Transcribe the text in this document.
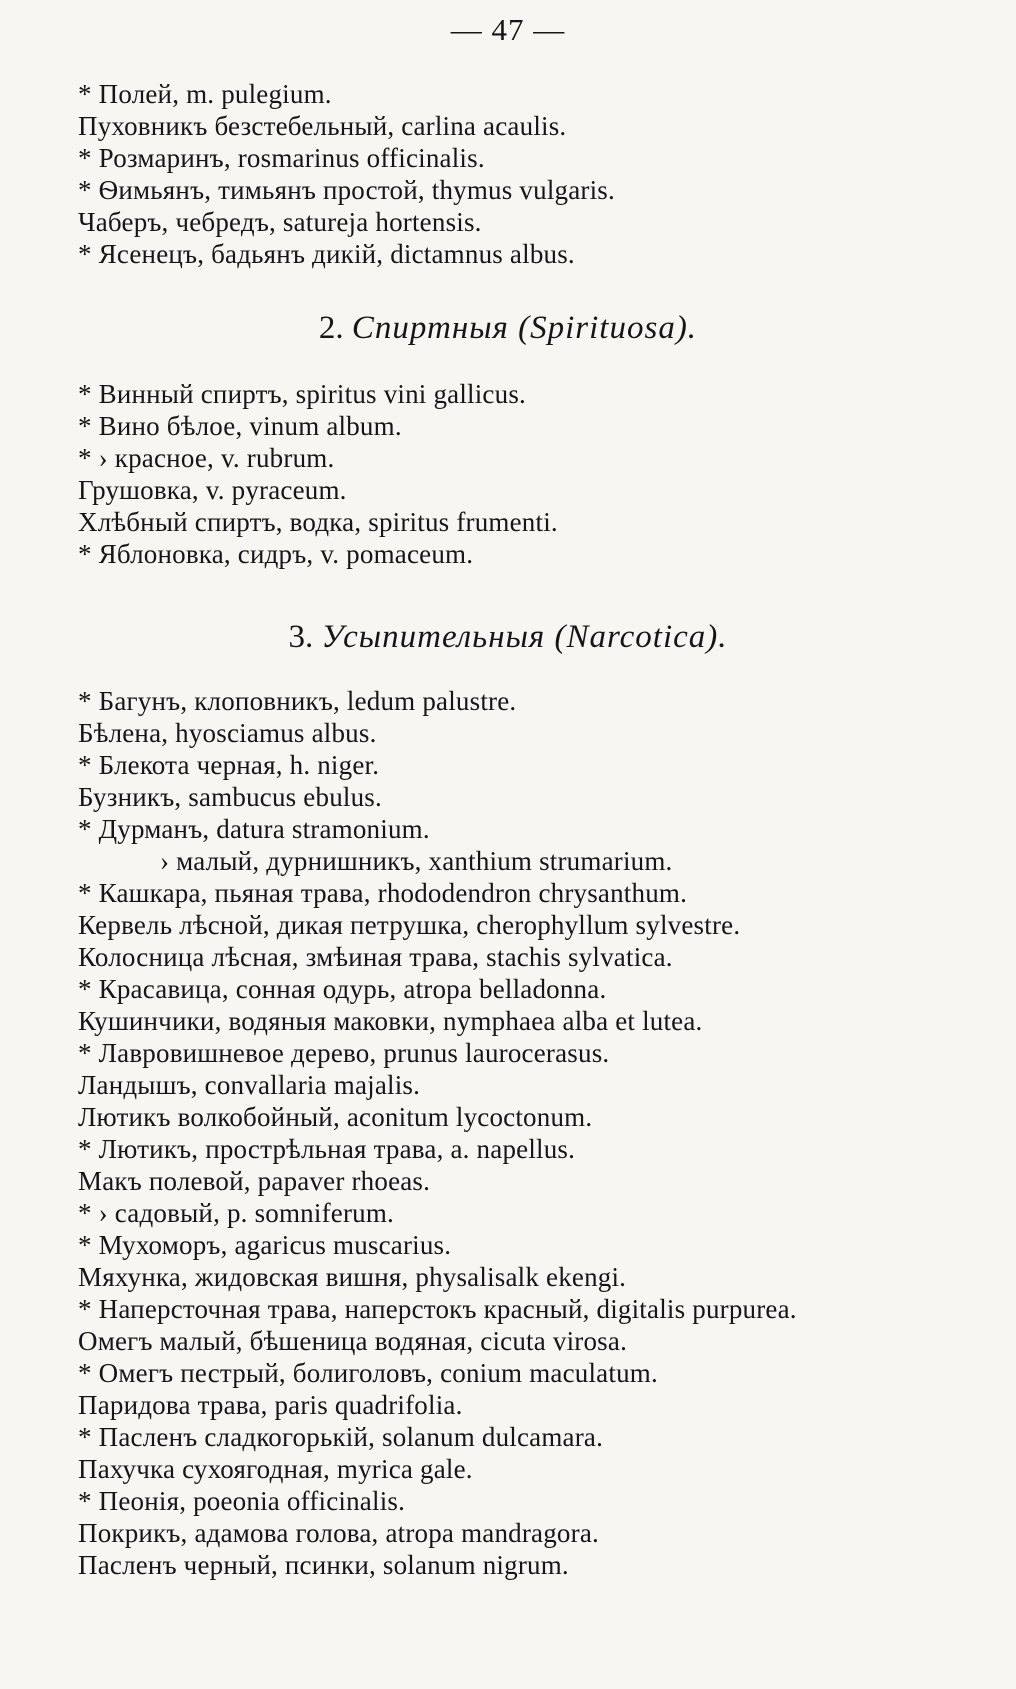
— 47 —
* Полей, m. pulegium.
Пуховникъ безстебельный, carlina acaulis.
* Розмаринъ, rosmarinus officinalis.
* Ѳимьянъ, тимьянъ простой, thymus vulgaris.
Чаберъ, чебредъ, satureja hortensis.
* Ясенецъ, бадьянъ дикій, dictamnus albus.
2. Спиртныя (Spirituosa).
* Винный спиртъ, spiritus vini gallicus.
* Вино бѣлое, vinum album.
* › красное, v. rubrum.
Грушовка, v. pyraceum.
Хлѣбный спиртъ, водка, spiritus frumenti.
* Яблоновка, сидръ, v. pomaceum.
3. Усыпительныя (Narcotica).
* Багунъ, клоповникъ, ledum palustre.
Бѣлена, hyosciamus albus.
* Блекота черная, h. niger.
Бузникъ, sambucus ebulus.
* Дурманъ, datura stramonium.
› малый, дурнишникъ, xanthium strumarium.
* Кашкара, пьяная трава, rhododendron chrysanthum.
Кервель лѣсной, дикая петрушка, cherophyllum sylvestre.
Колосница лѣсная, змѣиная трава, stachis sylvatica.
* Красавица, сонная одурь, atropa belladonna.
Кушинчики, водяныя маковки, nymphaea alba et lutea.
* Лавровишневое дерево, prunus laurocerasus.
Ландышъ, convallaria majalis.
Лютикъ волкобойный, aconitum lycoctonum.
* Лютикъ, прострѣльная трава, a. napellus.
Макъ полевой, papaver rhoeas.
* › садовый, p. somniferum.
* Мухоморъ, agaricus muscarius.
Мяхунка, жидовская вишня, physalisalk ekengi.
* Наперсточная трава, наперстокъ красный, digitalis purpurea.
Омегъ малый, бѣшеница водяная, cicuta virosa.
* Омегъ пестрый, болиголовъ, conium maculatum.
Паридова трава, paris quadrifolia.
* Пасленъ сладкогорькій, solanum dulcamara.
Пахучка сухоягодная, myrica gale.
* Пеонія, poeonia officinalis.
Покрикъ, адамова голова, atropa mandragora.
Пасленъ черный, псинки, solanum nigrum.
